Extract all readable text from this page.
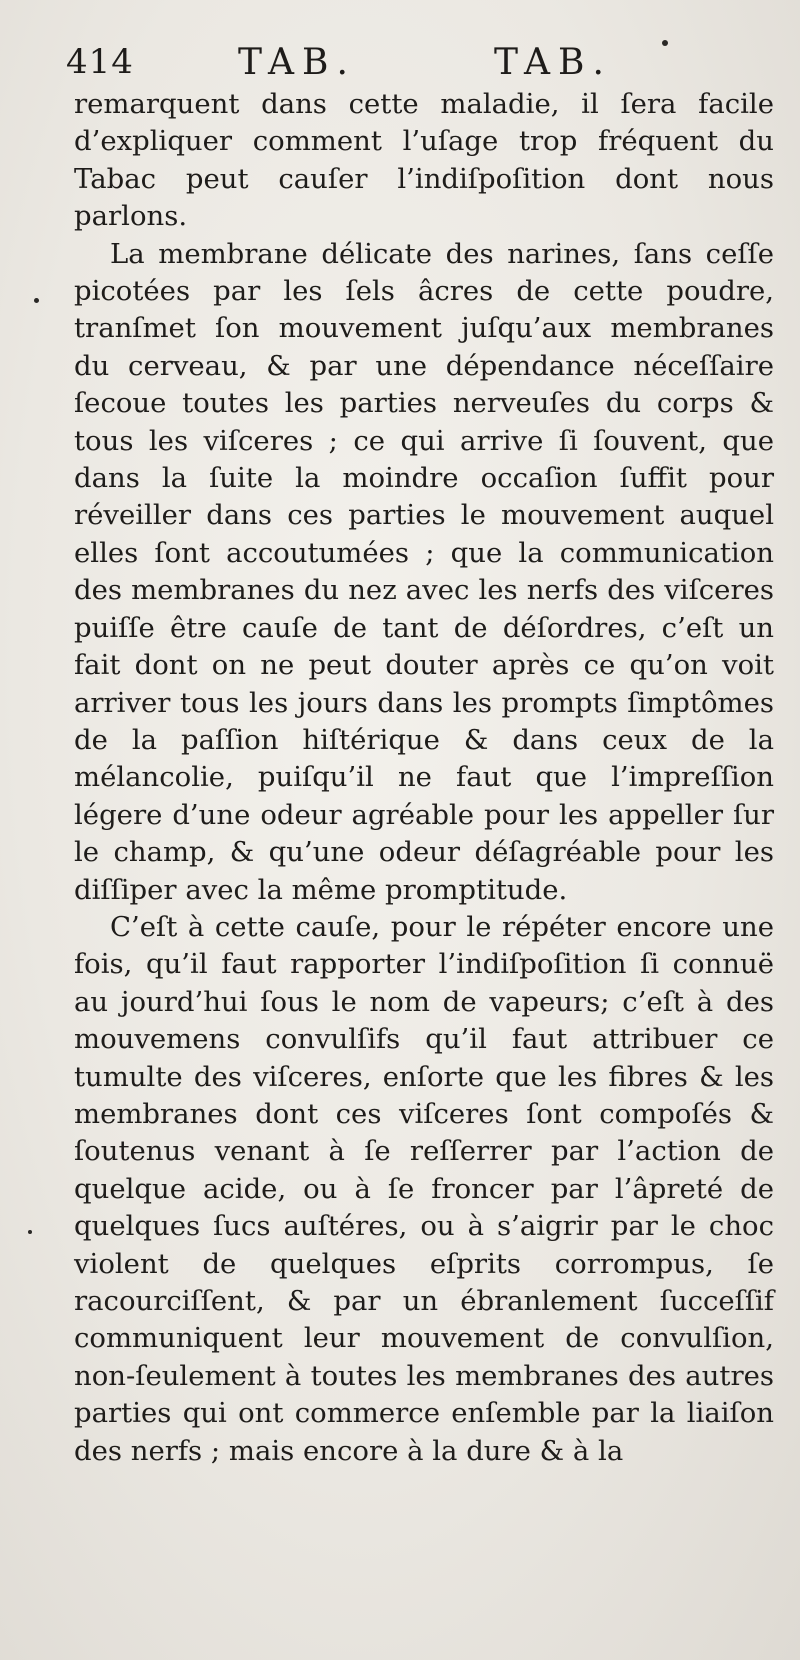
414	TAB.	TAB.

remarquent dans cette maladie, il ſera facile d’expliquer comment l’uſage trop fréquent du Tabac peut cauſer l’indiſpoſition dont nous parlons.

La membrane délicate des narines, ſans ceſſe picotées par les ſels âcres de cette poudre, tranſmet ſon mouvement juſqu’aux membranes du cerveau, & par une dépendance néceſſaire ſecoue toutes les parties nerveuſes du corps & tous les viſceres ; ce qui arrive ſi ſouvent, que dans la ſuite la moindre occaſion ſuffit pour réveiller dans ces parties le mouvement auquel elles ſont accoutumées ; que la communication des membranes du nez avec les nerfs des viſceres puiſſe être cauſe de tant de déſordres, c’eſt un fait dont on ne peut douter après ce qu’on voit arriver tous les jours dans les prompts ſimptômes de la paſſion hiſtérique & dans ceux de la mélancolie, puiſqu’il ne faut que l’impreſſion légere d’une odeur agréable pour les appeller ſur le champ, & qu’une odeur déſagréable pour les diſſiper avec la même promptitude.

C’eſt à cette cauſe, pour le répéter encore une fois, qu’il faut rapporter l’indiſpoſition ſi connuë au jourd’hui ſous le nom de vapeurs; c’eſt à des mouvemens convulſifs qu’il faut attribuer ce tumulte des viſceres, enſorte que les fibres & les membranes dont ces viſceres ſont compoſés & ſoutenus venant à ſe reſſerrer par l’action de quelque acide, ou à ſe froncer par l’âpreté de quelques ſucs auſtéres, ou à s’aigrir par le choc violent de quelques eſprits corrompus, ſe racourciſſent, & par un ébranlement ſucceſſif communiquent leur mouvement de convulſion, non-ſeulement à toutes les membranes des autres parties qui ont commerce enſemble par la liaiſon des nerfs ; mais encore à la dure & à la
